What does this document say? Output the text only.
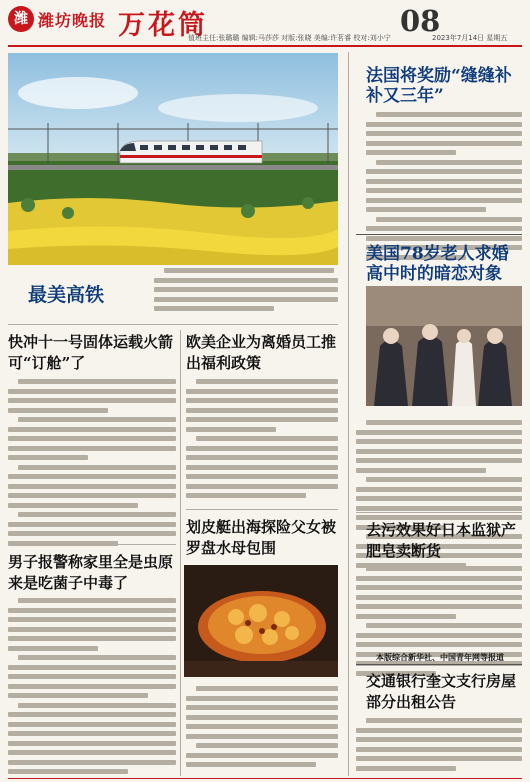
潍 潍坊晚报 万花筒	08
值班主任:张璐璐 编辑:马莎莎 对版:张晓 美编:许茗睿 校对:刘小宁	2023年7月14日 星期五
最美高铁
快冲十一号固体运载火箭可“订舱”了
男子报警称家里全是虫原来是吃菌子中毒了
欧美企业为离婚员工推出福利政策
划皮艇出海探险父女被罗盘水母包围
法国将奖励“缝缝补补又三年”
美国78岁老人求婚高中时的暗恋对象
去污效果好日本监狱产肥皂卖断货
本版综合新华社、中国青年网等报道
交通银行奎文支行房屋部分出租公告
